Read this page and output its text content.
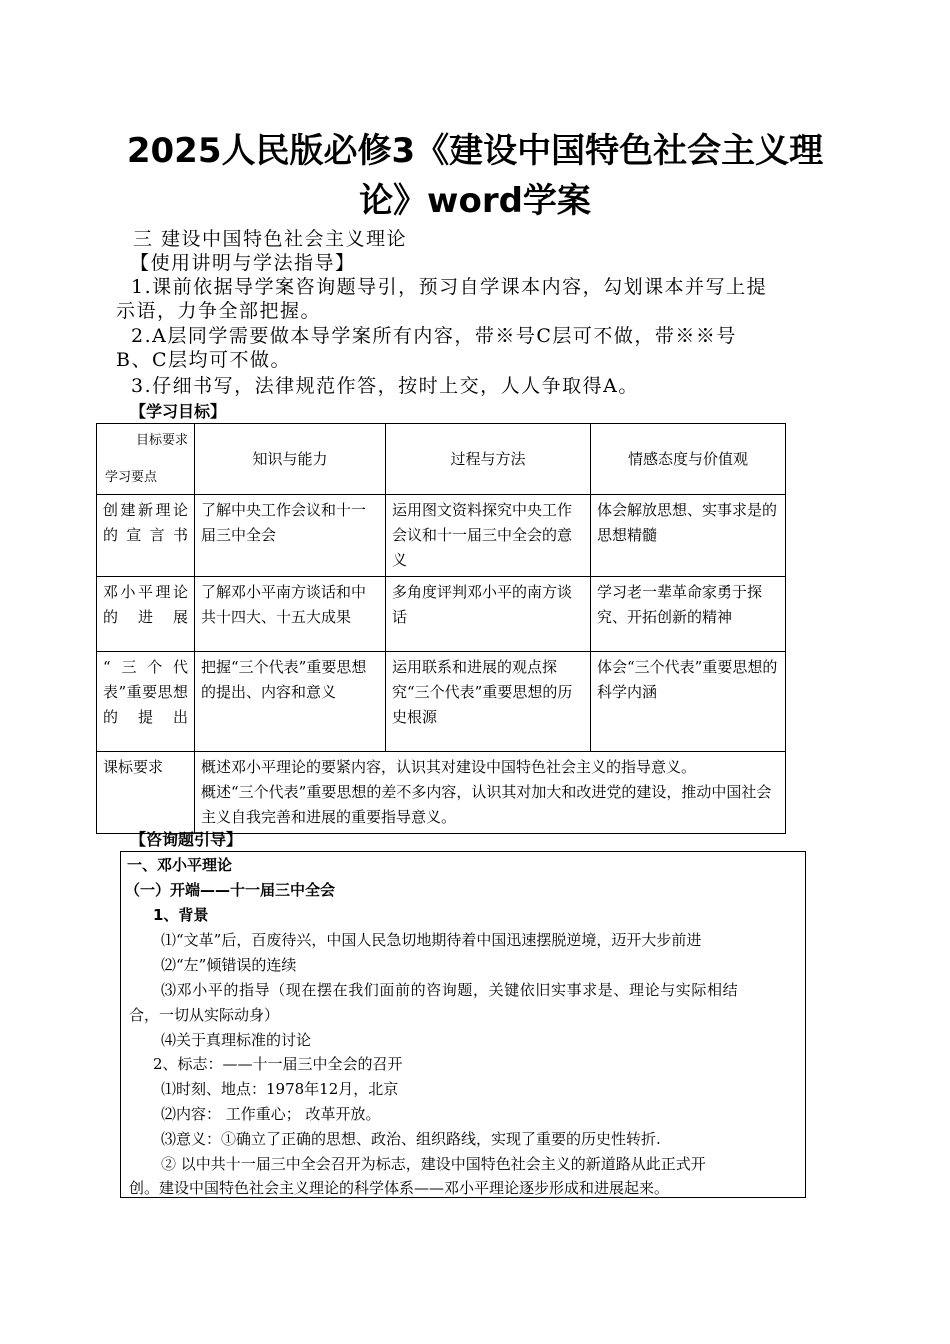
2025人民版必修3《建设中国特色社会主义理
论》word学案
三 建设中国特色社会主义理论
【使用讲明与学法指导】
1.课前依据导学案咨询题导引，预习自学课本内容，勾划课本并写上提
示语，力争全部把握。
2.A层同学需要做本导学案所有内容，带※号C层可不做，带※※号
B、C层均可不做。
3.仔细书写，法律规范作答，按时上交，人人争取得A。
【学习目标】
目标要求
学习要点	知识与能力	过程与方法	情感态度与价值观
创建新理论的宣言书	了解中央工作会议和十一届三中全会	运用图文资料探究中央工作会议和十一届三中全会的意义	体会解放思想、实事求是的思想精髓
邓小平理论的进展	了解邓小平南方谈话和中共十四大、十五大成果	多角度评判邓小平的南方谈话	学习老一辈革命家勇于探究、开拓创新的精神
“三个代表”重要思想的提出	把握“三个代表”重要思想的提出、内容和意义	运用联系和进展的观点探究“三个代表”重要思想的历史根源	体会“三个代表”重要思想的科学内涵
课标要求	概述邓小平理论的要紧内容，认识其对建设中国特色社会主义的指导意义。
概述“三个代表”重要思想的差不多内容，认识其对加大和改进党的建设，推动中国社会主义自我完善和进展的重要指导意义。		
【咨询题引导】
一、邓小平理论
（一）开端——十一届三中全会
1、背景
⑴“文革”后，百废待兴，中国人民急切地期待着中国迅速摆脱逆境，迈开大步前进
⑵“左”倾错误的连续
⑶邓小平的指导（现在摆在我们面前的咨询题，关键依旧实事求是、理论与实际相结
合，一切从实际动身）
⑷关于真理标准的讨论
2、标志：——十一届三中全会的召开
⑴时刻、地点：1978年12月，北京
⑵内容： 工作重心； 改革开放。
⑶意义：①确立了正确的思想、政治、组织路线，实现了重要的历史性转折.
② 以中共十一届三中全会召开为标志，建设中国特色社会主义的新道路从此正式开
创。建设中国特色社会主义理论的科学体系——邓小平理论逐步形成和进展起来。
